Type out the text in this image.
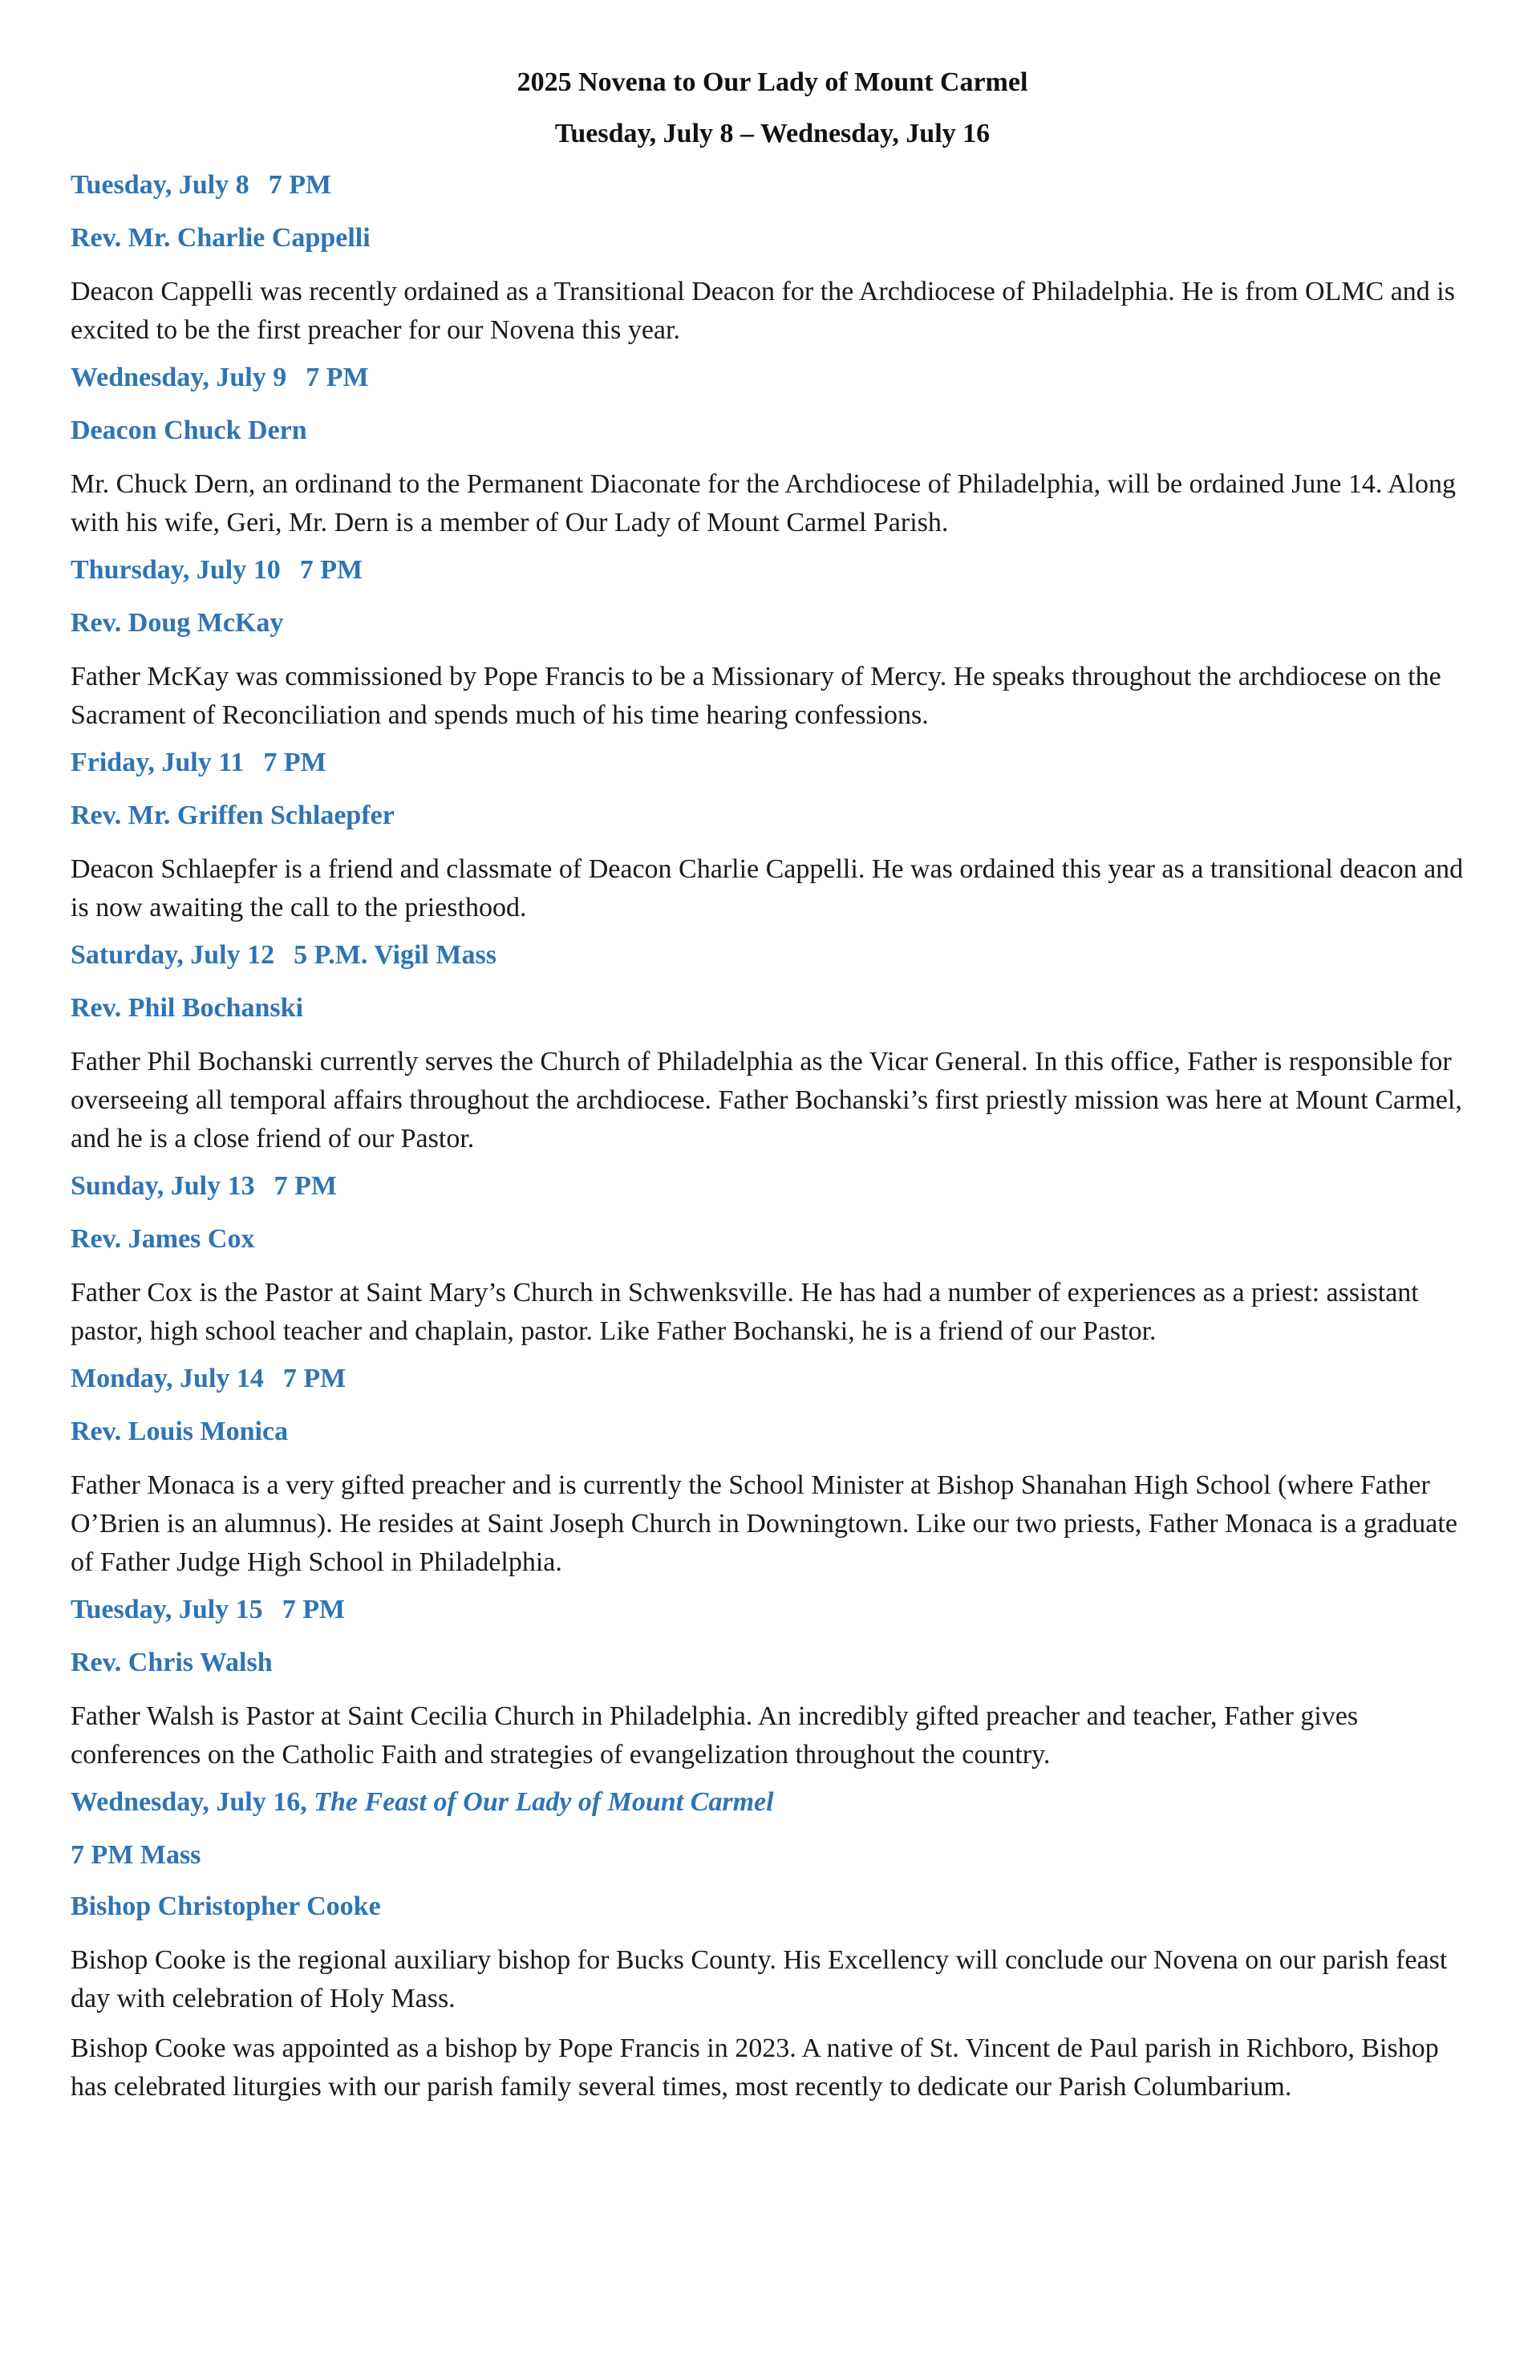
2025 Novena to Our Lady of Mount Carmel
Tuesday, July 8 – Wednesday, July 16
Tuesday, July 8 7 PM
Rev. Mr. Charlie Cappelli
Deacon Cappelli was recently ordained as a Transitional Deacon for the Archdiocese of Philadelphia. He is from OLMC and is excited to be the first preacher for our Novena this year.
Wednesday, July 9 7 PM
Deacon Chuck Dern
Mr. Chuck Dern, an ordinand to the Permanent Diaconate for the Archdiocese of Philadelphia, will be ordained June 14. Along with his wife, Geri, Mr. Dern is a member of Our Lady of Mount Carmel Parish.
Thursday, July 10 7 PM
Rev. Doug McKay
Father McKay was commissioned by Pope Francis to be a Missionary of Mercy. He speaks throughout the archdiocese on the Sacrament of Reconciliation and spends much of his time hearing confessions.
Friday, July 11 7 PM
Rev. Mr. Griffen Schlaepfer
Deacon Schlaepfer is a friend and classmate of Deacon Charlie Cappelli. He was ordained this year as a transitional deacon and is now awaiting the call to the priesthood.
Saturday, July 12 5 P.M. Vigil Mass
Rev. Phil Bochanski
Father Phil Bochanski currently serves the Church of Philadelphia as the Vicar General. In this office, Father is responsible for overseeing all temporal affairs throughout the archdiocese. Father Bochanski’s first priestly mission was here at Mount Carmel, and he is a close friend of our Pastor.
Sunday, July 13 7 PM
Rev. James Cox
Father Cox is the Pastor at Saint Mary’s Church in Schwenksville. He has had a number of experiences as a priest: assistant pastor, high school teacher and chaplain, pastor. Like Father Bochanski, he is a friend of our Pastor.
Monday, July 14 7 PM
Rev. Louis Monica
Father Monaca is a very gifted preacher and is currently the School Minister at Bishop Shanahan High School (where Father O’Brien is an alumnus). He resides at Saint Joseph Church in Downingtown. Like our two priests, Father Monaca is a graduate of Father Judge High School in Philadelphia.
Tuesday, July 15 7 PM
Rev. Chris Walsh
Father Walsh is Pastor at Saint Cecilia Church in Philadelphia. An incredibly gifted preacher and teacher, Father gives conferences on the Catholic Faith and strategies of evangelization throughout the country.
Wednesday, July 16, The Feast of Our Lady of Mount Carmel
7 PM Mass
Bishop Christopher Cooke
Bishop Cooke is the regional auxiliary bishop for Bucks County. His Excellency will conclude our Novena on our parish feast day with celebration of Holy Mass.
Bishop Cooke was appointed as a bishop by Pope Francis in 2023. A native of St. Vincent de Paul parish in Richboro, Bishop has celebrated liturgies with our parish family several times, most recently to dedicate our Parish Columbarium.
